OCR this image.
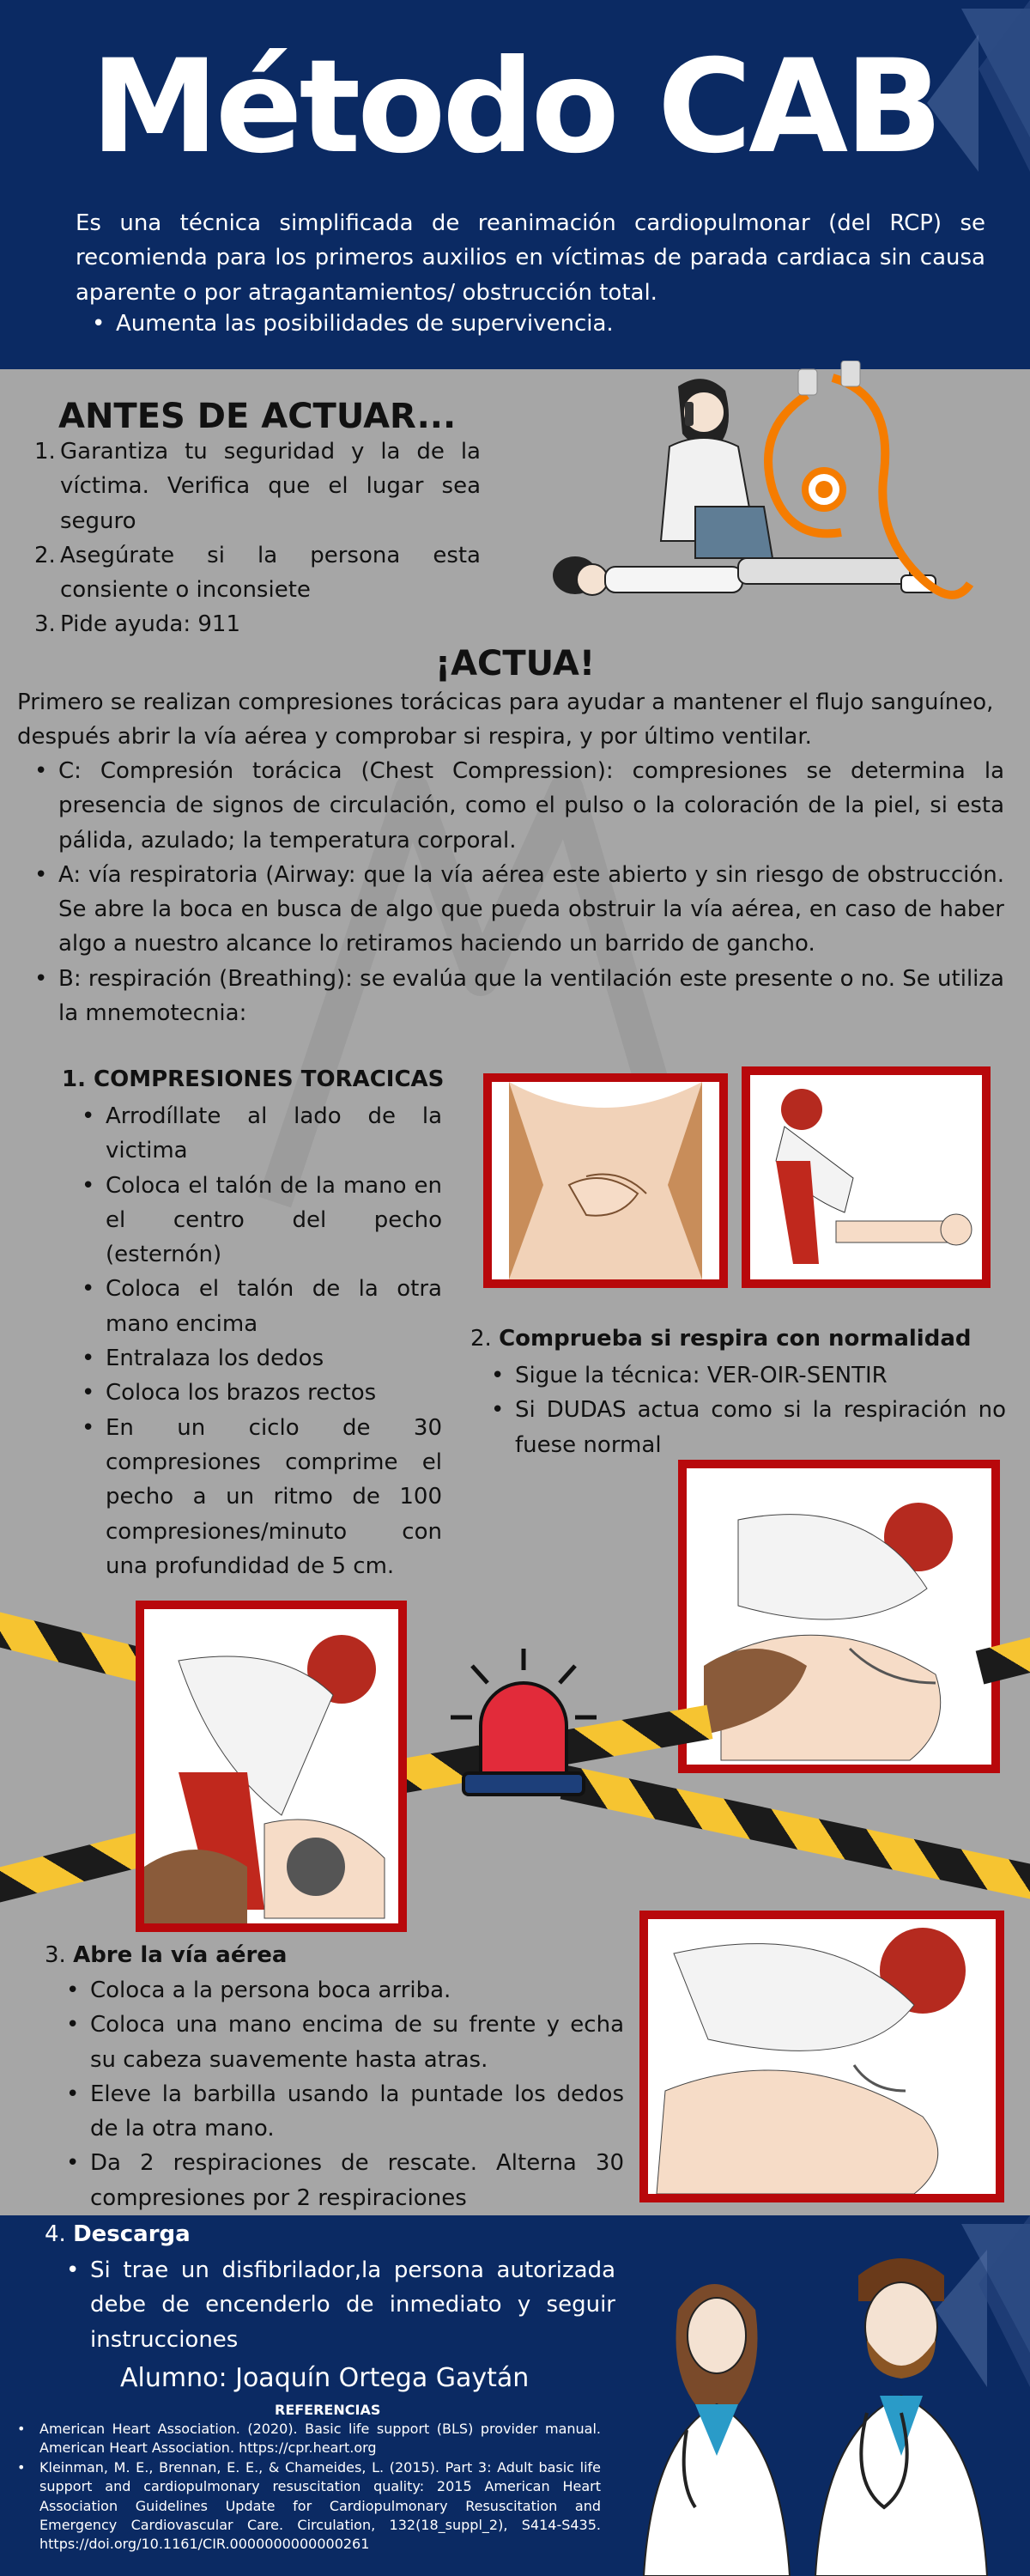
Método CAB
Es una técnica simplificada de reanimación cardiopulmonar (del RCP) se recomienda para los primeros auxilios en víctimas de parada cardiaca sin causa aparente o por atragantamientos/ obstrucción total.
• Aumenta las posibilidades de supervivencia.
ANTES DE ACTUAR...
1. Garantiza tu seguridad y la de la víctima. Verifica que el lugar sea seguro
2. Asegúrate si la persona esta consiente o inconsiete
3. Pide ayuda: 911
¡ACTUA!
Primero se realizan compresiones torácicas para ayudar a mantener el flujo sanguíneo, después abrir la vía aérea y comprobar si respira, y por último ventilar.
• C: Compresión torácica (Chest Compression): compresiones se determina la presencia de signos de circulación, como el pulso o la coloración de la piel, si esta pálida, azulado; la temperatura corporal.
• A: vía respiratoria (Airway: que la vía aérea este abierto y sin riesgo de obstrucción. Se abre la boca en busca de algo que pueda obstruir la vía aérea, en caso de haber algo a nuestro alcance lo retiramos haciendo un barrido de gancho.
• B: respiración (Breathing): se evalúa que la ventilación este presente o no. Se utiliza la mnemotecnia:
1. COMPRESIONES TORACICAS
• Arrodíllate al lado de la victima
• Coloca el talón de la mano en el centro del pecho (esternón)
• Coloca el talón de la otra mano encima
• Entralaza los dedos
• Coloca los brazos rectos
• En un ciclo de 30 compresiones comprime el pecho a un ritmo de 100 compresiones/minuto con una profundidad de 5 cm.
2. Comprueba si respira con normalidad
• Sigue la técnica: VER-OIR-SENTIR
• Si DUDAS actua como si la respiración no fuese normal
3. Abre la vía aérea
• Coloca a la persona boca arriba.
• Coloca una mano encima de su frente y echa su cabeza suavemente hasta atras.
• Eleve la barbilla usando la puntade los dedos de la otra mano.
• Da 2 respiraciones de rescate. Alterna 30 compresiones por 2 respiraciones
4. Descarga
• Si trae un disfibrilador,la persona autorizada debe de encenderlo de inmediato y seguir instrucciones
Alumno: Joaquín Ortega Gaytán
REFERENCIAS
• American Heart Association. (2020). Basic life support (BLS) provider manual. American Heart Association. https://cpr.heart.org
• Kleinman, M. E., Brennan, E. E., & Chameides, L. (2015). Part 3: Adult basic life support and cardiopulmonary resuscitation quality: 2015 American Heart Association Guidelines Update for Cardiopulmonary Resuscitation and Emergency Cardiovascular Care. Circulation, 132(18_suppl_2), S414-S435. https://doi.org/10.1161/CIR.0000000000000261
